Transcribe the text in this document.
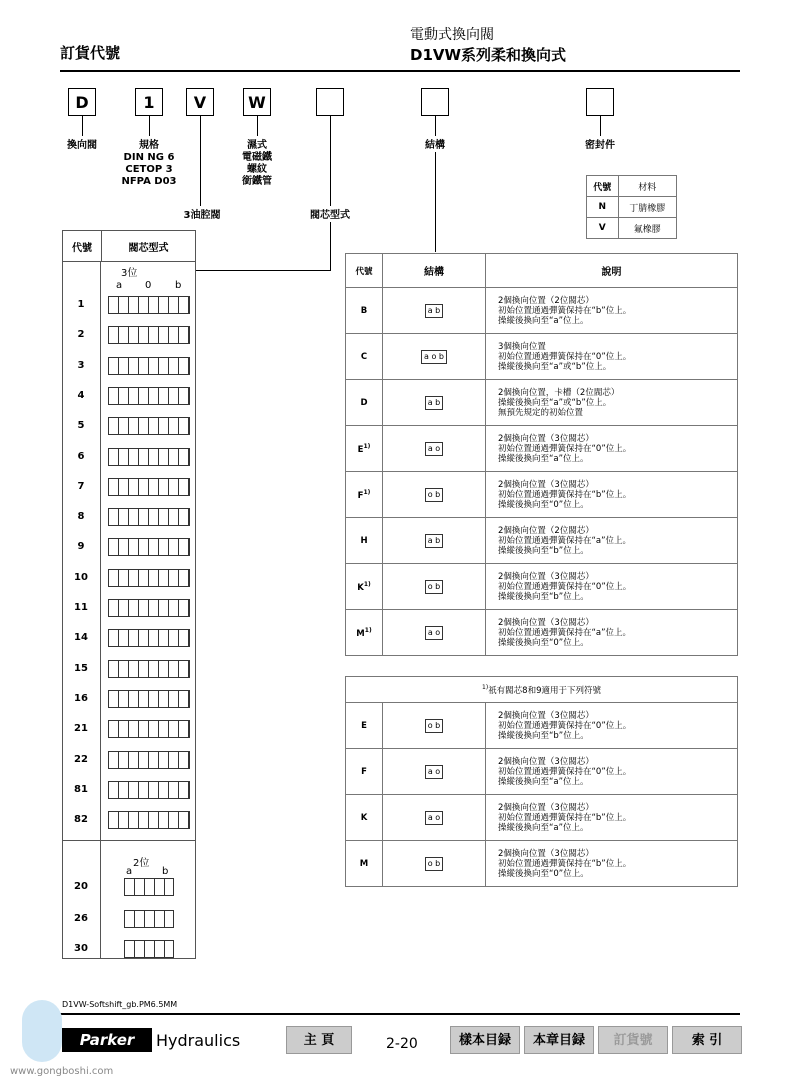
訂貨代號
電動式換向閥
D1VW系列柔和換向式
D	1	V	W
換向閥	規格
DIN NG 6
CETOP 3
NFPA D03
3油腔閥
濕式
電磁鐵
螺紋
銜鐵管
閥芯型式
結構	密封件
代號	材料
N	丁腈橡膠
V	氟橡膠
代號	閥芯型式
3位
a 0 b
1
2
3
4
5
6
7
8
9
10
11
14
15
16
21
22
81
82
2位
a	b
20
26
30
代號	結構	說明
B	a b	2個換向位置（2位閥芯）
初始位置通過彈簧保持在“b”位上。
操縱後換向至“a”位上。

C	a o b	3個換向位置
初始位置通過彈簧保持在“0”位上。
操縱後換向至“a”或“b”位上。

D	a b	2個換向位置，卡槽（2位閥芯）
操縱後換向至“a”或“b”位上。
無預先規定的初始位置

$E^{1)}$	a o	2個換向位置（3位閥芯）
初始位置通過彈簧保持在“0”位上。
操縱後換向至“a”位上。

$F^{1)}$	o b	2個換向位置（3位閥芯）
初始位置通過彈簧保持在“b”位上。
操縱後換向至“0”位上。

H	a b	2個換向位置（2位閥芯）
初始位置通過彈簧保持在“a”位上。
操縱後換向至“b”位上。

$K^{1)}$	o b	2個換向位置（3位閥芯）
初始位置通過彈簧保持在“0”位上。
操縱後換向至“b”位上。

$M^{1)}$	a o	2個換向位置（3位閥芯）
初始位置通過彈簧保持在“a”位上。
操縱後換向至“0”位上。
$^{1)}$祇有閥芯8和9適用于下列符號		
E	o b	2個換向位置（3位閥芯）
初始位置通過彈簧保持在“0”位上。
操縱後換向至“b”位上。

F	a o	2個換向位置（3位閥芯）
初始位置通過彈簧保持在“0”位上。
操縱後換向至“a”位上。

K	a o	2個換向位置（3位閥芯）
初始位置通過彈簧保持在“b”位上。
操縱後換向至“a”位上。

M	o b	2個換向位置（3位閥芯）
初始位置通過彈簧保持在“b”位上。
操縱後換向至“0”位上。
D1VW-Softshift_gb.PM6.5MM
Parker	Hydraulics
www.gongboshi.com
2-20
主 頁	樣本目録	本章目録	訂貨號	索 引
